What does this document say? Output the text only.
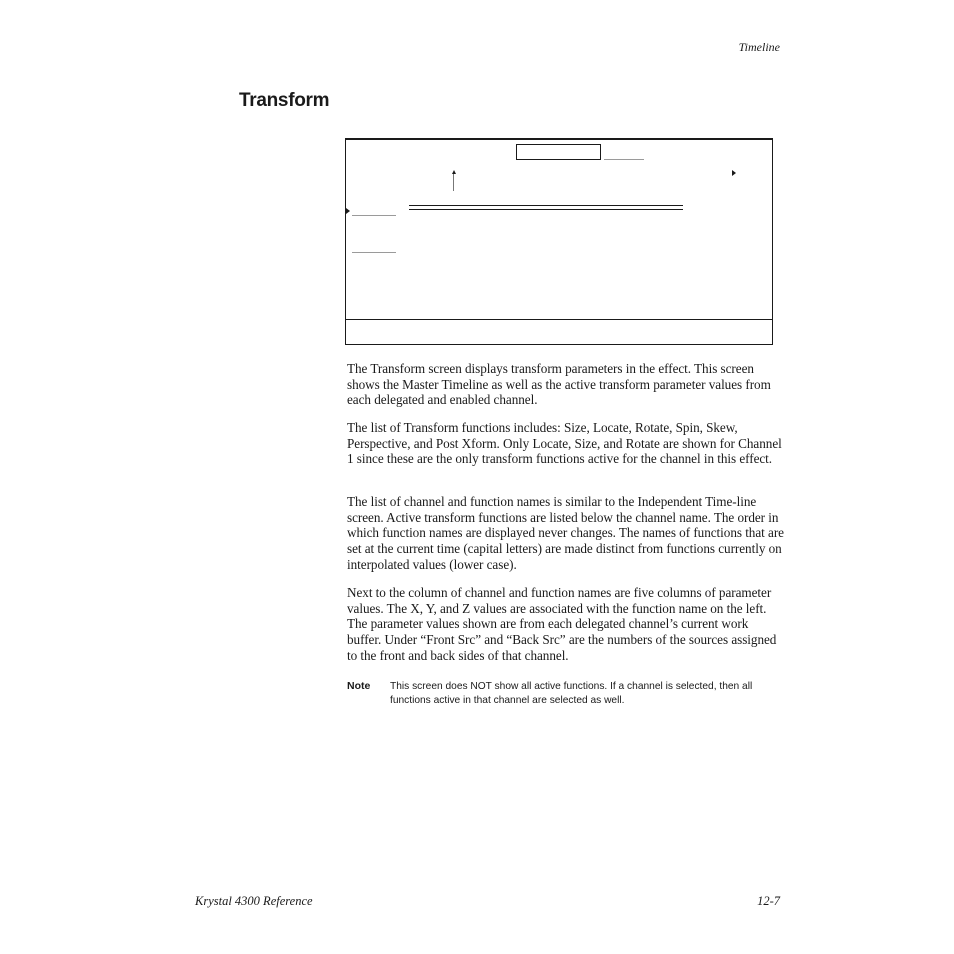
Timeline
Transform

The Transform screen displays transform parameters in the effect. This screen shows the Master Timeline as well as the active transform parameter values from each delegated and enabled channel.

The list of Transform functions includes: Size, Locate, Rotate, Spin, Skew, Perspective, and Post Xform. Only Locate, Size, and Rotate are shown for Channel 1 since these are the only transform functions active for the channel in this effect.

The list of channel and function names is similar to the Independent Time-line screen. Active transform functions are listed below the channel name. The order in which function names are displayed never changes. The names of functions that are set at the current time (capital letters) are made distinct from functions currently on interpolated values (lower case).

Next to the column of channel and function names are five columns of parameter values. The X, Y, and Z values are associated with the function name on the left. The parameter values shown are from each delegated channel’s current work buffer. Under “Front Src” and “Back Src” are the numbers of the sources assigned to the front and back sides of that channel.

Note This screen does NOT show all active functions. If a channel is selected, then all functions active in that channel are selected as well.

Krystal 4300 Reference	12-7
